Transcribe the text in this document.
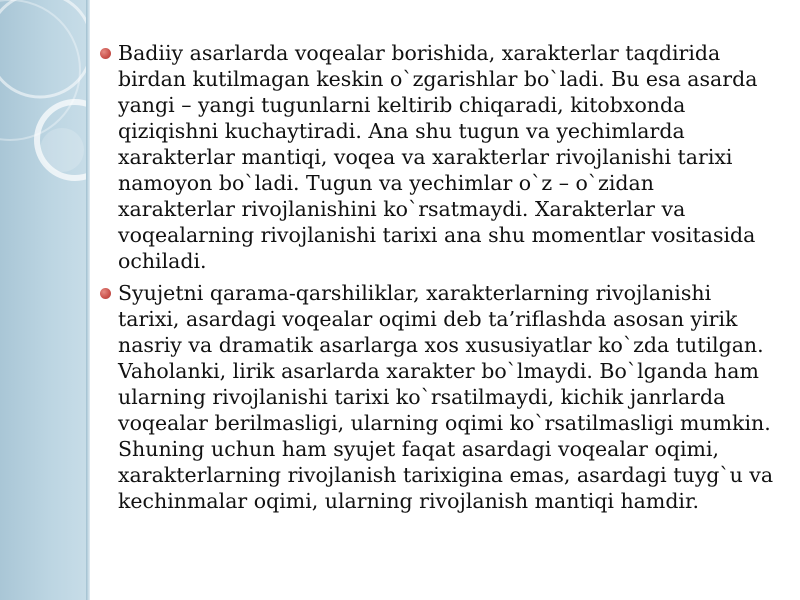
Badiiy asarlarda voqealar borishida, xarakterlar taqdirida birdan kutilmagan keskin o`zgarishlar bo`ladi. Bu esa asarda yangi – yangi tugunlarni keltirib chiqaradi, kitobxonda qiziqishni kuchaytiradi. Ana shu tugun va yechimlarda xarakterlar mantiqi, voqea va xarakterlar rivojlanishi tarixi namoyon bo`ladi. Tugun va yechimlar o`z – o`zidan xarakterlar rivojlanishini ko`rsatmaydi. Xarakterlar va voqealarning rivojlanishi tarixi ana shu momentlar vositasida ochiladi.
Syujetni qarama-qarshiliklar, xarakterlarning rivojlanishi tarixi, asardagi voqealar oqimi deb ta’riflashda asosan yirik nasriy va dramatik asarlarga xos xususiyatlar ko`zda tutilgan. Vaholanki, lirik asarlarda xarakter bo`lmaydi. Bo`lganda ham ularning rivojlanishi tarixi ko`rsatilmaydi, kichik janrlarda voqealar berilmasligi, ularning oqimi ko`rsatilmasligi mumkin. Shuning uchun ham syujet faqat asardagi voqealar oqimi, xarakterlarning rivojlanish tarixigina emas, asardagi tuyg`u va kechinmalar oqimi, ularning rivojlanish mantiqi hamdir.
